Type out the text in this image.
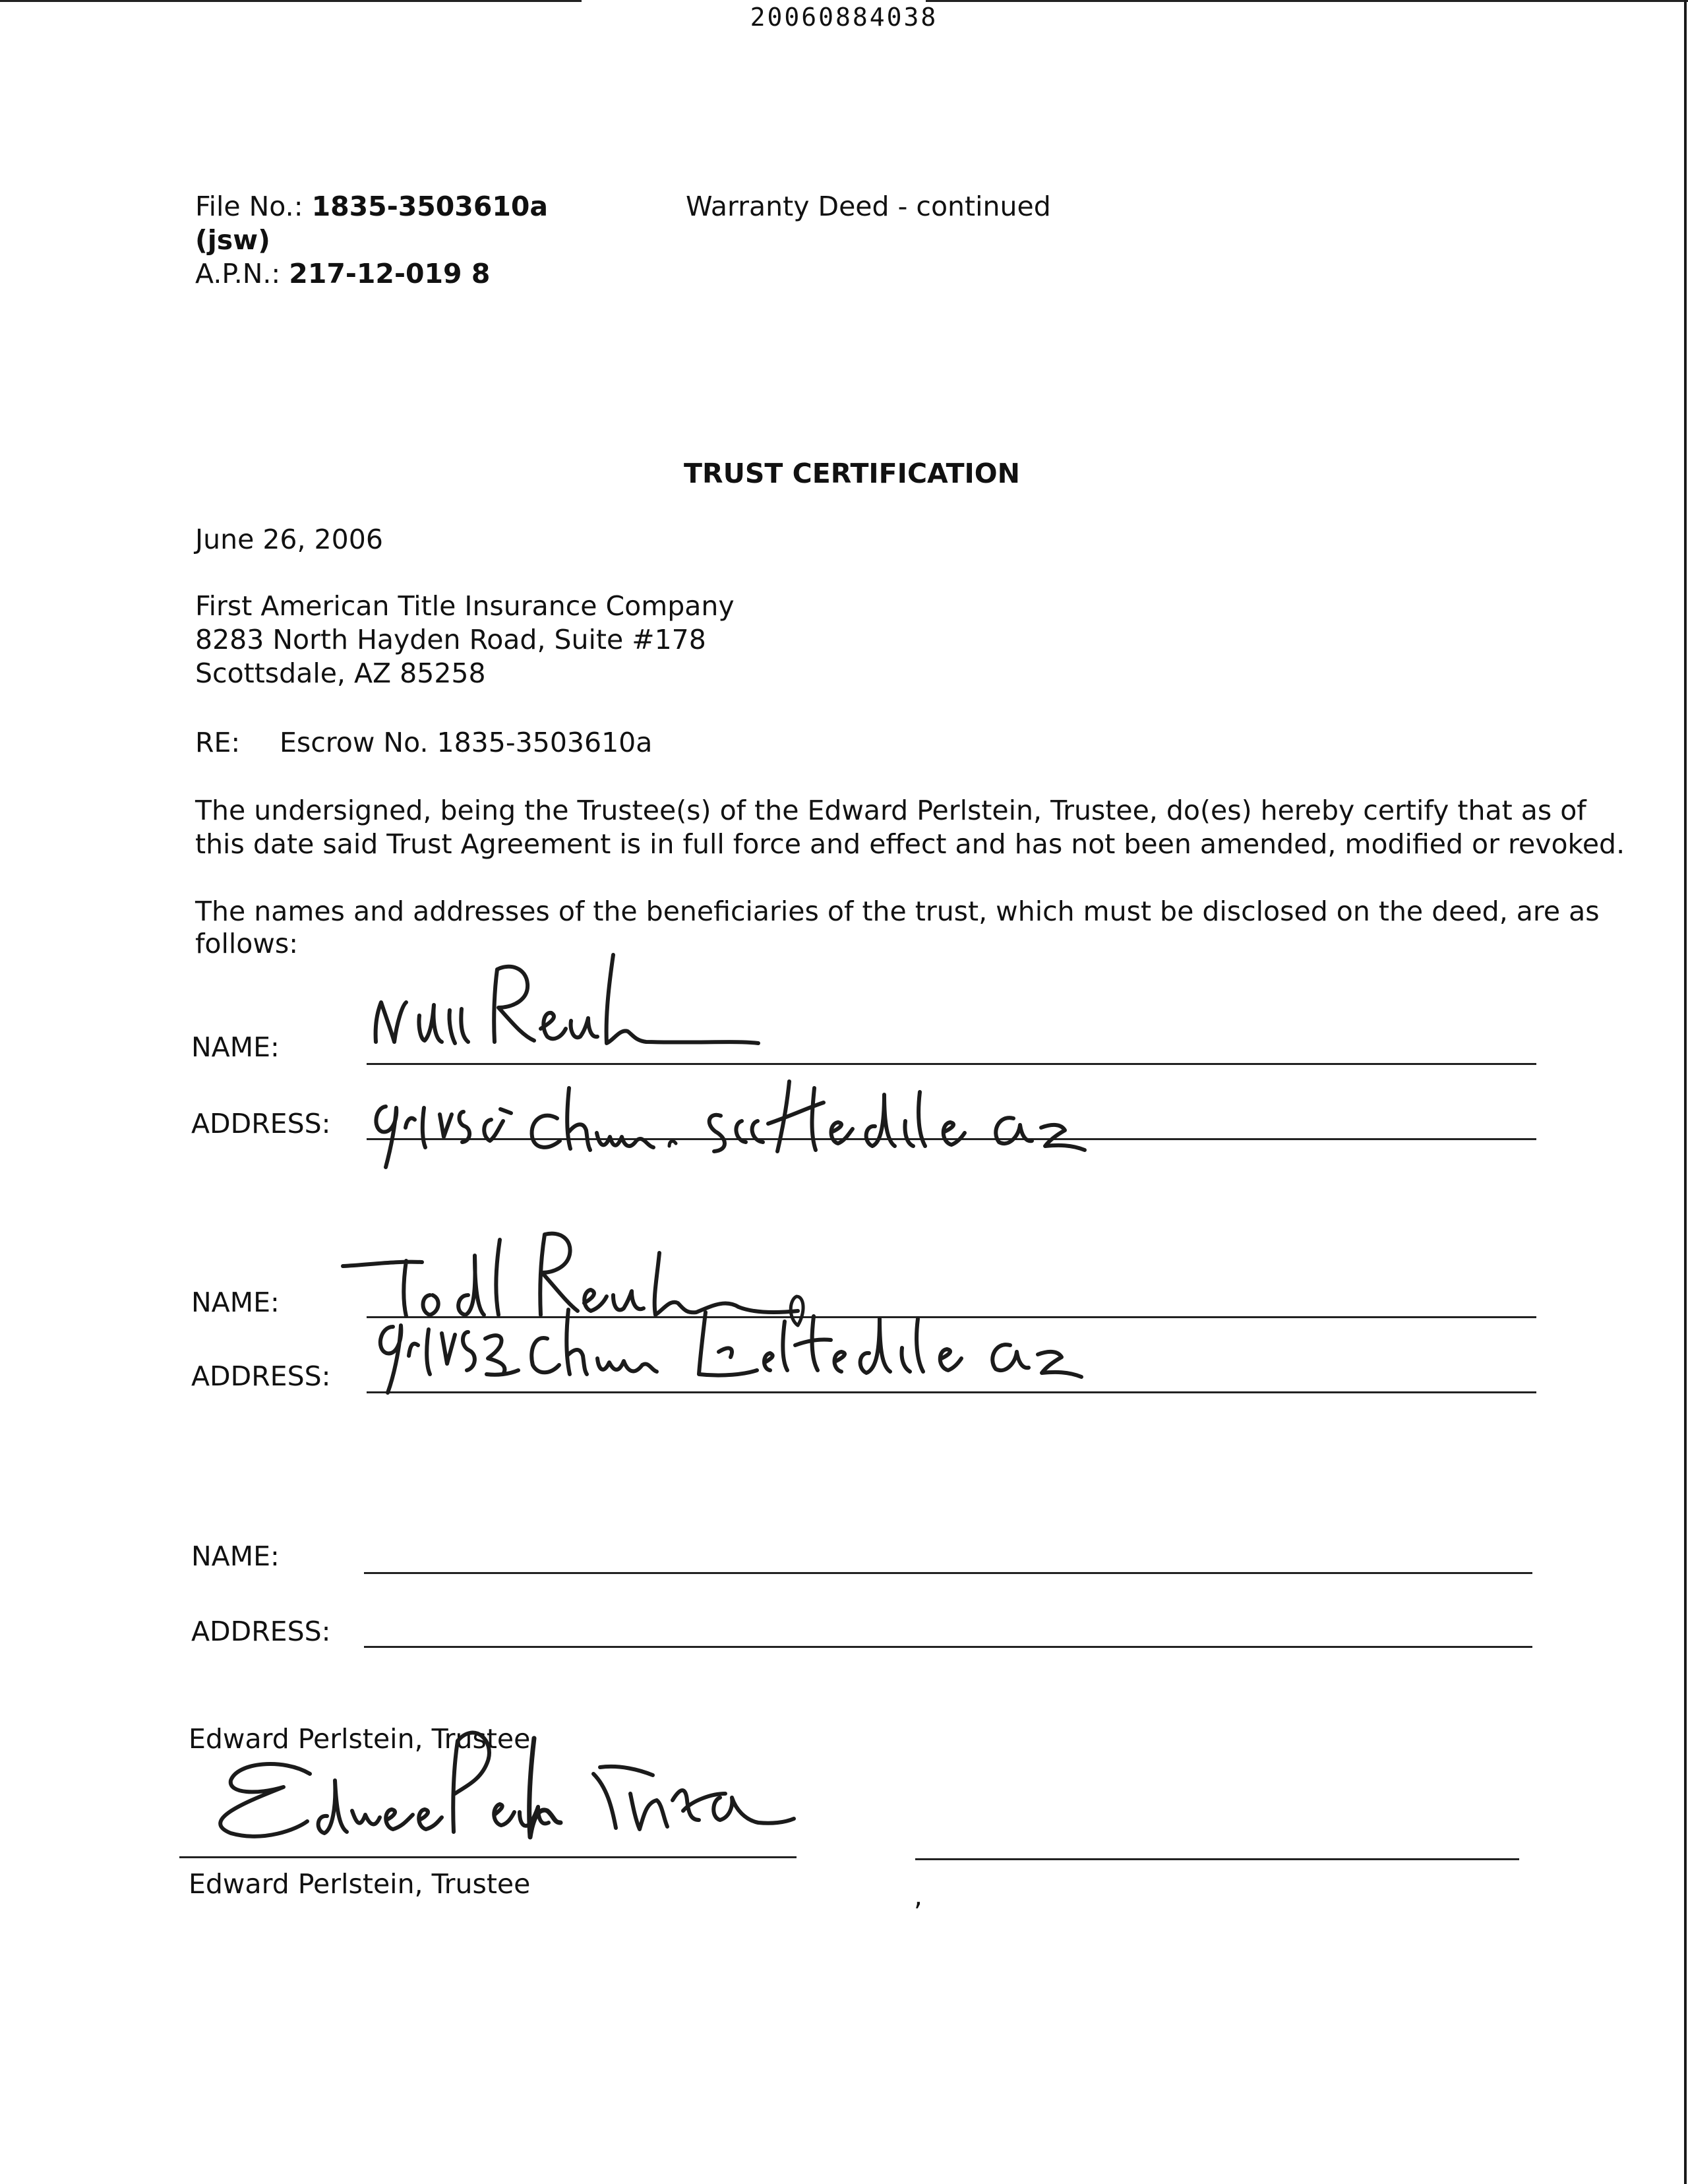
20060884038
File No.: 1835-3503610a
(jsw)
A.P.N.: 217-12-019 8
Warranty Deed - continued
TRUST CERTIFICATION
June 26, 2006
First American Title Insurance Company
8283 North Hayden Road, Suite #178
Scottsdale, AZ 85258
RE: Escrow No. 1835-3503610a
The undersigned, being the Trustee(s) of the Edward Perlstein, Trustee, do(es) hereby certify that as of
this date said Trust Agreement is in full force and effect and has not been amended, modified or revoked.
The names and addresses of the beneficiaries of the trust, which must be disclosed on the deed, are as
follows:
NAME:
ADDRESS:
NAME:
ADDRESS:
NAME:
ADDRESS:
Edward Perlstein, Trustee
Edward Perlstein, Trustee	,
